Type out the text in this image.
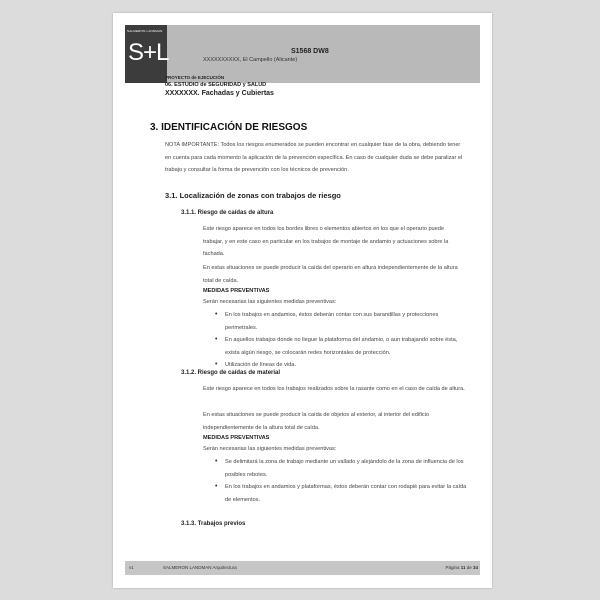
SALMERON LANDMAN
S+L	S1568 DW8
XXXXXXXXXX, El Campello (Alicante)
PROYECTO de EJECUCIÓN
06. ESTUDIO de SEGURIDAD y SALUD
XXXXXXX. Fachadas y Cubiertas
3. IDENTIFICACIÓN DE RIESGOS
NOTA IMPORTANTE: Todos los riesgos enumerados se pueden encontrar en cualquier fase de la obra, debiendo tener en cuenta para cada momento la aplicación de la prevención específica. En caso de cualquier duda se debe paralizar el trabajo y consultar la forma de prevención con los técnicos de prevención.
3.1. Localización de zonas con trabajos de riesgo
3.1.1. Riesgo de caídas de altura
Este riesgo aparece en todos los bordes libres o elementos abiertos en los que el operario puede trabajar, y en este caso en particular en los trabajos de montaje de andamio y actuaciones sobre la fachada.
En estas situaciones se puede producir la caída del operario en altura independientemente de la altura total de caída.
MEDIDAS PREVENTIVAS
Serán necesarias las siguientes medidas preventivas:
• En los trabajos en andamios, éstos deberán contar con sus barandillas y protecciones perimetrales.
• En aquellos trabajos donde no llegue la plataforma del andamio, o aun trabajando sobre ésta, exista algún riesgo, se colocarán redes horizontales de protección.
• Utilización de líneas de vida.
3.1.2. Riesgo de caídas de material
Este riesgo aparece en todos los trabajos realizados sobre la rasante como en el caso de caída de altura.
En estas situaciones se puede producir la caída de objetos al exterior, al interior del edificio independientemente de la altura total de caída.
MEDIDAS PREVENTIVAS
Serán necesarias las siguientes medidas preventivas:
• Se delimitará la zona de trabajo mediante un vallado y alejándolo de la zona de influencia de los posibles rebotes.
• En los trabajos en andamios y plataformas, éstos deberán contar con rodapié para evitar la caída de elementos.
3.1.3. Trabajos previos
v1	SALMERON LANDMAN Arquitectura	Página 11 de 34
